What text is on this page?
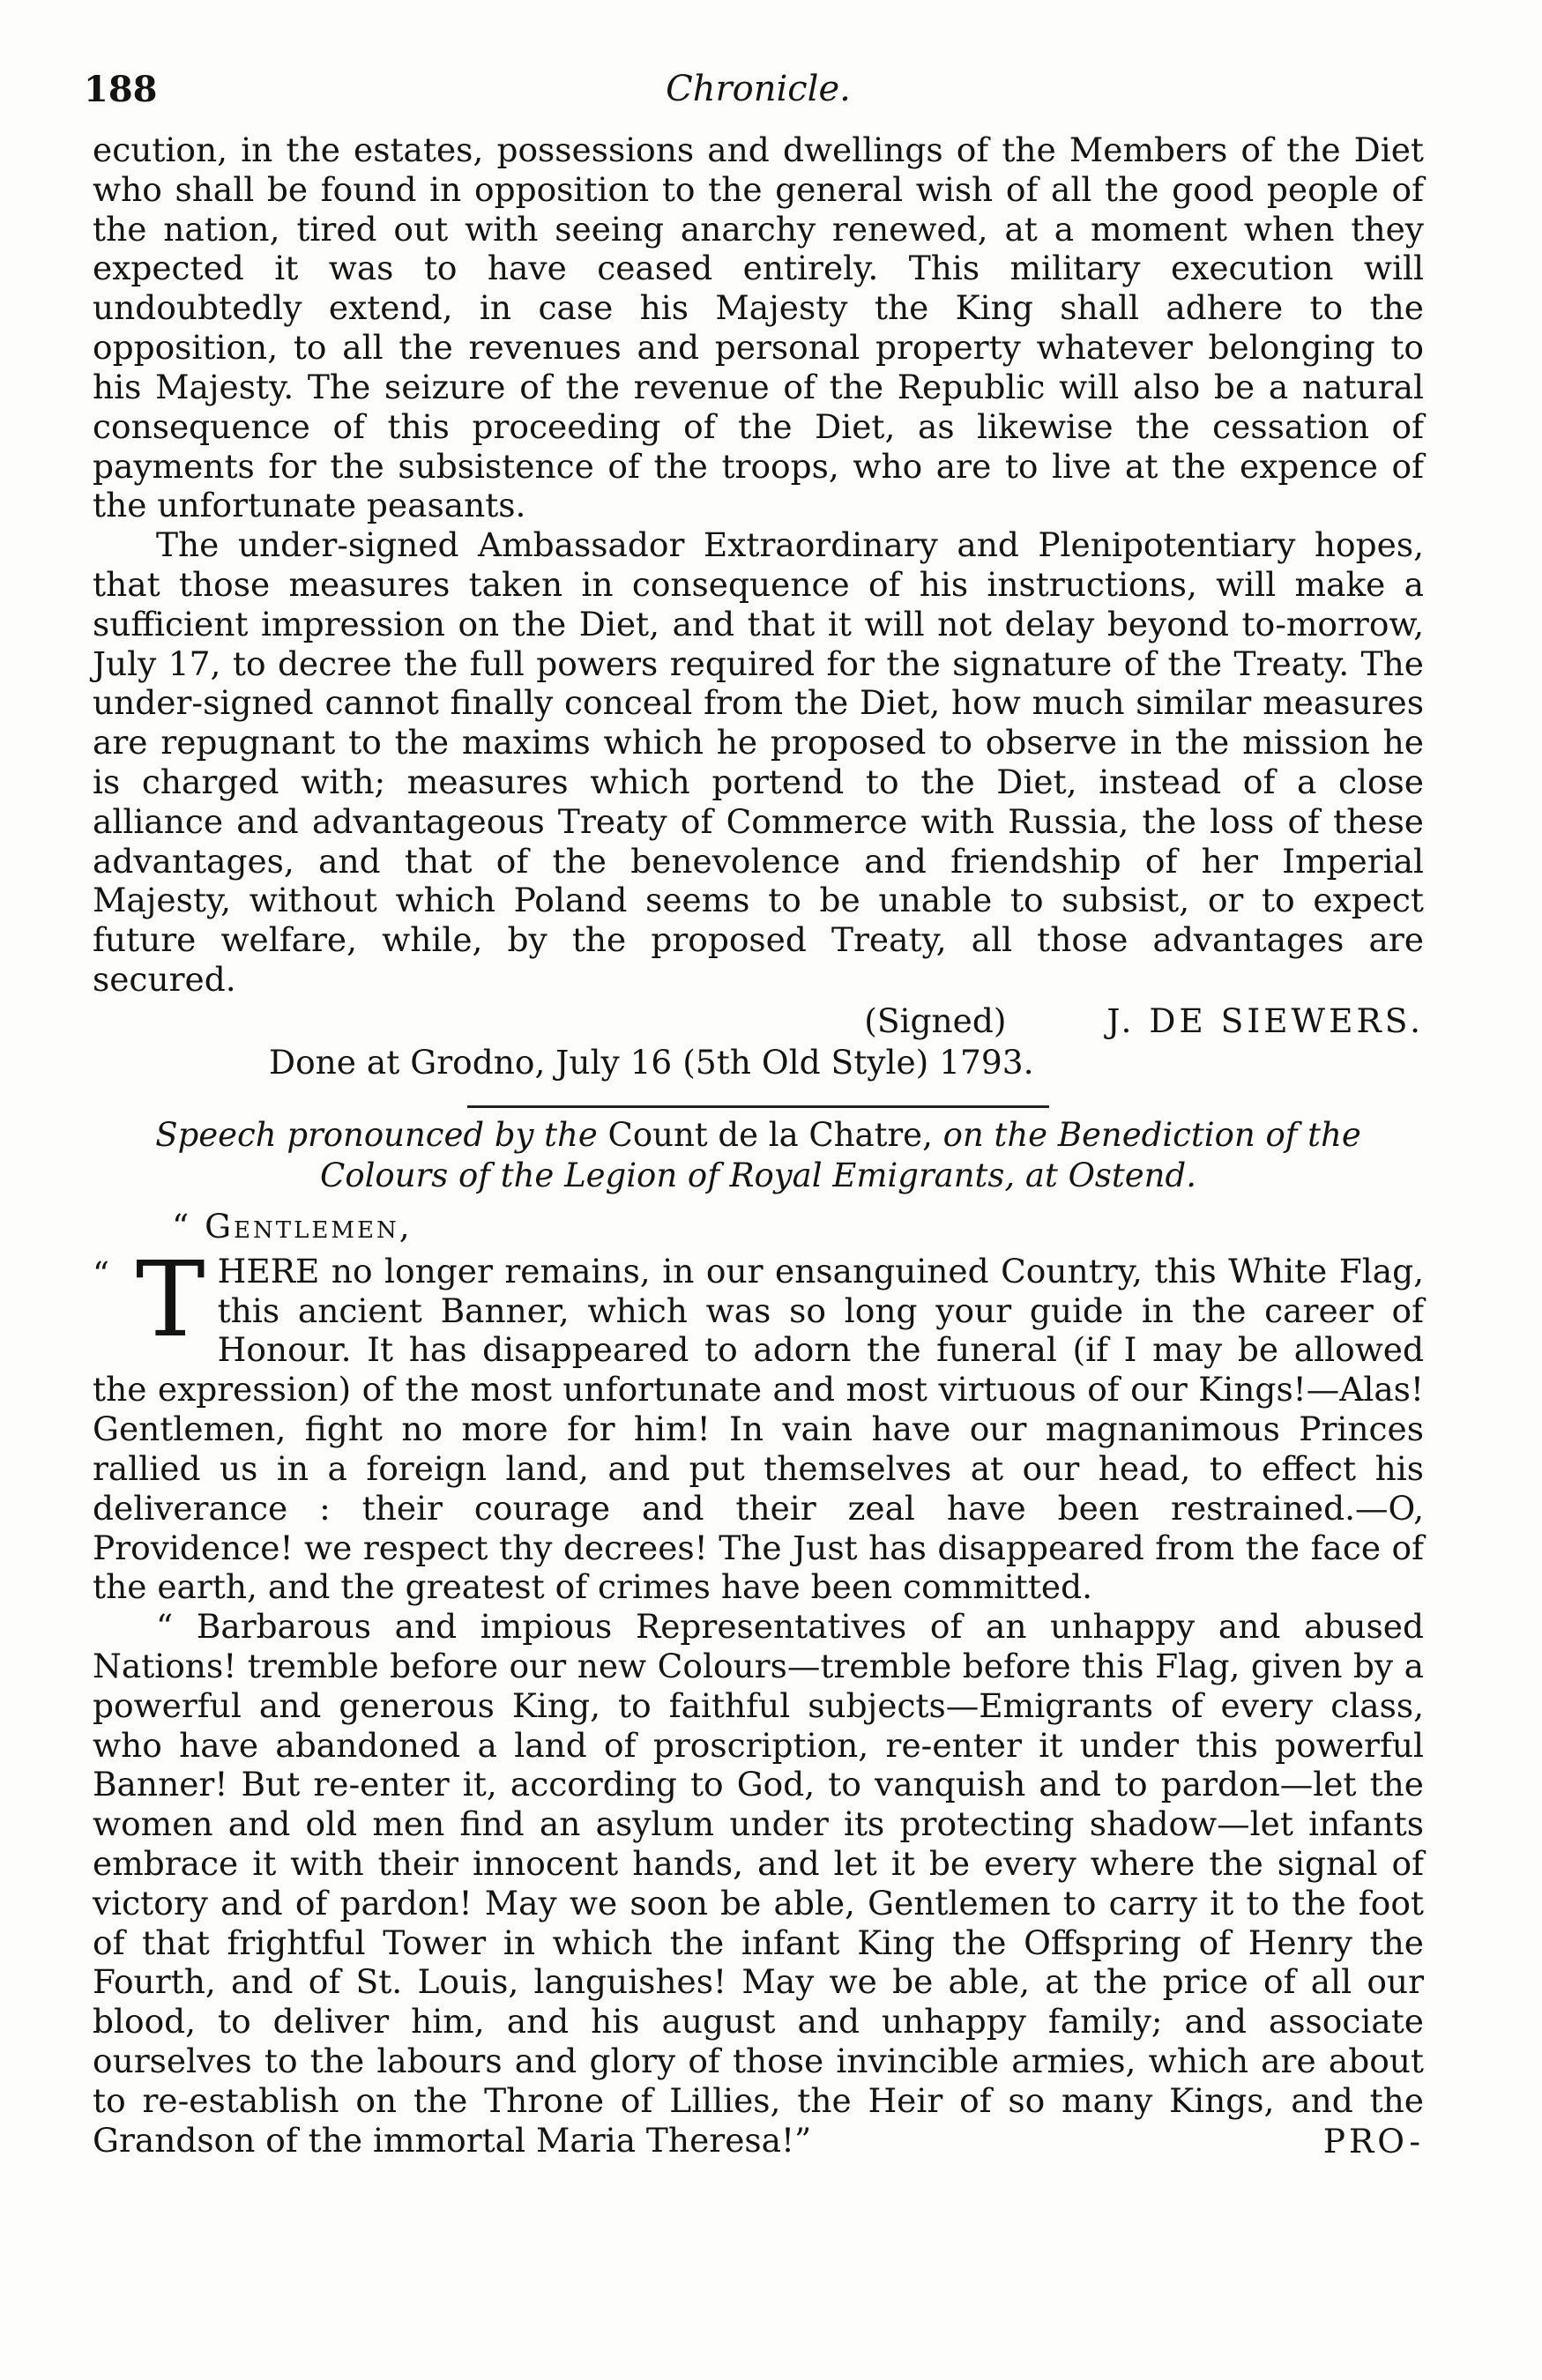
188	Chronicle.

ecution, in the estates, possessions and dwellings of the Members of the Diet who shall be found in opposition to the general wish of all the good people of the nation, tired out with seeing anarchy renewed, at a moment when they expected it was to have ceased entirely. This military execution will undoubtedly extend, in case his Majesty the King shall adhere to the opposition, to all the revenues and personal property whatever belonging to his Majesty. The seizure of the revenue of the Republic will also be a natural consequence of this proceeding of the Diet, as likewise the cessation of payments for the subsistence of the troops, who are to live at the expence of the unfortunate peasants.

The under-signed Ambassador Extraordinary and Plenipotentiary hopes, that those measures taken in consequence of his instructions, will make a sufficient impression on the Diet, and that it will not delay beyond to-morrow, July 17, to decree the full powers required for the signature of the Treaty. The under-signed cannot finally conceal from the Diet, how much similar measures are repugnant to the maxims which he proposed to observe in the mission he is charged with; measures which portend to the Diet, instead of a close alliance and advantageous Treaty of Commerce with Russia, the loss of these advantages, and that of the benevolence and friendship of her Imperial Majesty, without which Poland seems to be unable to subsist, or to expect future welfare, while, by the proposed Treaty, all those advantages are secured.

(Signed)	J. DE SIEWERS.
Done at Grodno, July 16 (5th Old Style) 1793.
Speech pronounced by the Count de la Chatre, on the Benediction of the Colours of the Legion of Royal Emigrants, at Ostend.
“ Gentlemen,

“ T HERE no longer remains, in our ensanguined Country, this White Flag, this ancient Banner, which was so long your guide in the career of Honour. It has disappeared to adorn the funeral (if I may be allowed the expression) of the most unfortunate and most virtuous of our Kings!—Alas! Gentlemen, fight no more for him! In vain have our magnanimous Princes rallied us in a foreign land, and put themselves at our head, to effect his deliverance : their courage and their zeal have been restrained.—O, Providence! we respect thy decrees! The Just has disappeared from the face of the earth, and the greatest of crimes have been committed.

“ Barbarous and impious Representatives of an unhappy and abused Nations! tremble before our new Colours—tremble before this Flag, given by a powerful and generous King, to faithful subjects—Emigrants of every class, who have abandoned a land of proscription, re-enter it under this powerful Banner! But re-enter it, according to God, to vanquish and to pardon—let the women and old men find an asylum under its protecting shadow—let infants embrace it with their innocent hands, and let it be every where the signal of victory and of pardon! May we soon be able, Gentlemen to carry it to the foot of that frightful Tower in which the infant King the Offspring of Henry the Fourth, and of St. Louis, languishes! May we be able, at the price of all our blood, to deliver him, and his august and unhappy family; and associate ourselves to the labours and glory of those invincible armies, which are about to re-establish on the Throne of Lillies, the Heir of so many Kings, and the Grandson of the immortal Maria Theresa!”	PRO-
